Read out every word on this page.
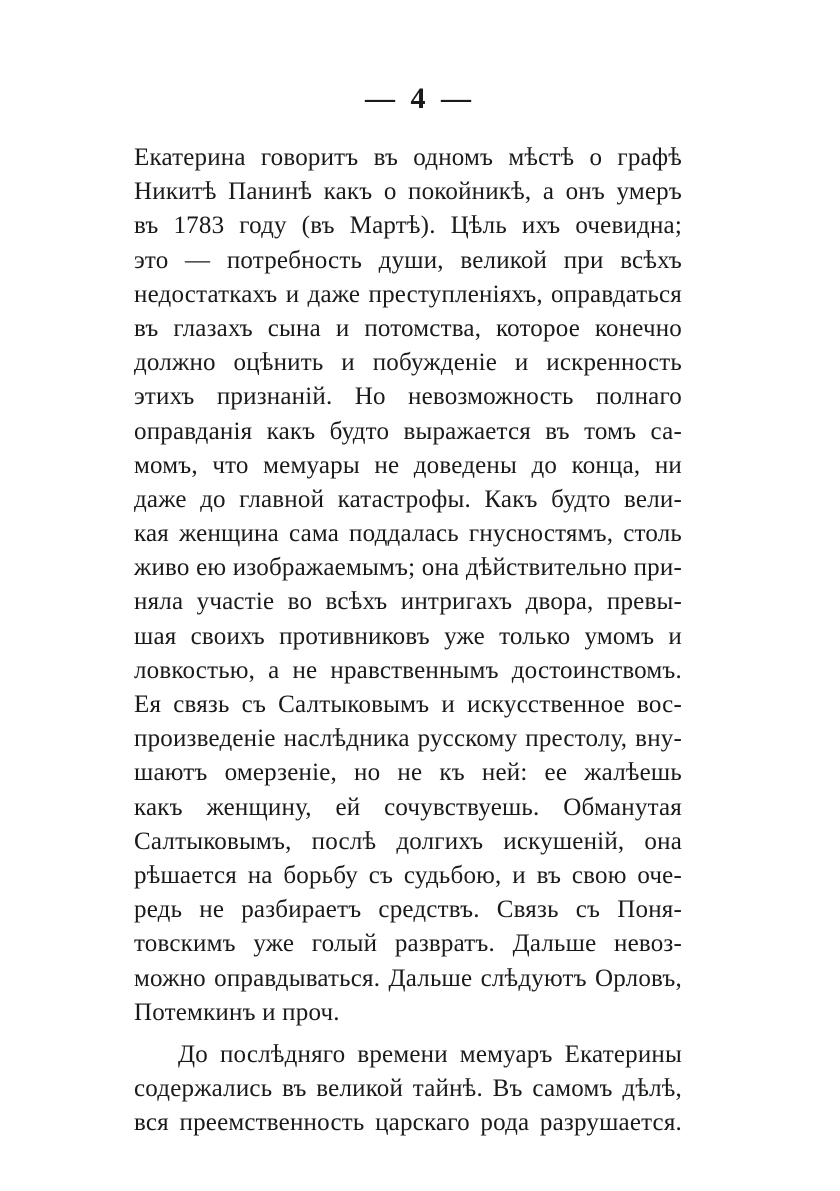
— 4 —
Екатерина говоритъ въ одномъ мѣстѣ о графѣ
Никитѣ Панинѣ какъ о покойникѣ, а онъ умеръ
въ 1783 году (въ Мартѣ). Цѣль ихъ очевидна;
это — потребность души, великой при всѣхъ
недостаткахъ и даже преступленіяхъ, оправдаться
въ глазахъ сына и потомства, которое конечно
должно оцѣнить и побужденіе и искренность
этихъ признаній. Но невозможность полнаго
оправданія какъ будто выражается въ томъ са-
момъ, что мемуары не доведены до конца, ни
даже до главной катастрофы. Какъ будто вели-
кая женщина сама поддалась гнусностямъ, столь
живо ею изображаемымъ; она дѣйствительно при-
няла участіе во всѣхъ интригахъ двора, превы-
шая своихъ противниковъ уже только умомъ и
ловкостью, а не нравственнымъ достоинствомъ.
Ея связь съ Салтыковымъ и искусственное вос-
произведеніе наслѣдника русскому престолу, вну-
шаютъ омерзеніе, но не къ ней: ее жалѣешь
какъ женщину, ей сочувствуешь. Обманутая
Салтыковымъ, послѣ долгихъ искушеній, она
рѣшается на борьбу съ судьбою, и въ свою оче-
редь не разбираетъ средствъ. Связь съ Поня-
товскимъ уже голый развратъ. Дальше невоз-
можно оправдываться. Дальше слѣдуютъ Орловъ,
Потемкинъ и проч.
До послѣдняго времени мемуаръ Екатерины
содержались въ великой тайнѣ. Въ самомъ дѣлѣ,
вся преемственность царскаго рода разрушается.
